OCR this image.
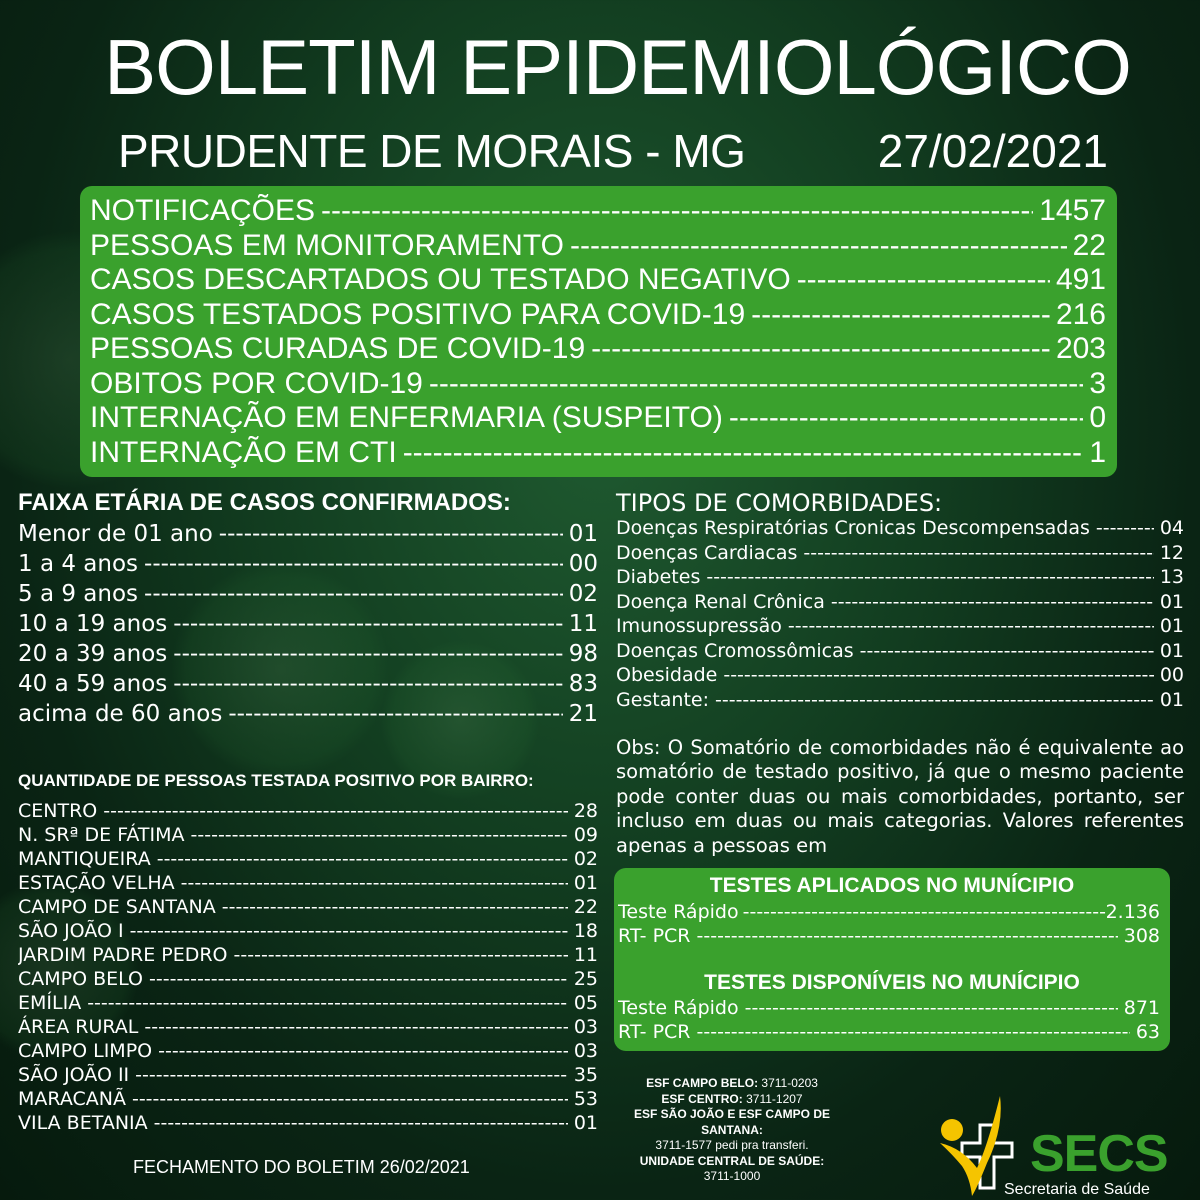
BOLETIM EPIDEMIOLÓGICO
PRUDENTE DE MORAIS - MG	27/02/2021
NOTIFICAÇÕES -----	1457
PESSOAS EM MONITORAMENTO -----	22
CASOS DESCARTADOS OU TESTADO NEGATIVO -----	491
CASOS TESTADOS POSITIVO PARA COVID-19 -----	216
PESSOAS CURADAS DE COVID-19 -----	203
OBITOS POR COVID-19 -----	3
INTERNAÇÃO EM ENFERMARIA (SUSPEITO) -----	0
INTERNAÇÃO EM CTI -----	1
FAIXA ETÁRIA DE CASOS CONFIRMADOS:
Menor de 01 ano -----	01
1 a 4 anos -----	00
5 a 9 anos -----	02
10 a 19 anos -----	11
20 a 39 anos -----	98
40 a 59 anos -----	83
acima de 60 anos -----	21
TIPOS DE COMORBIDADES:
Doenças Respiratórias Cronicas Descompensadas -----	04
Doenças Cardiacas -----	12
Diabetes -----	13
Doença Renal Crônica -----	01
Imunossupressão -----	01
Doenças Cromossômicas -----	01
Obesidade -----	00
Gestante: -----	01
Obs: O Somatório de comorbidades não é equivalente ao somatório de testado positivo, já que o mesmo paciente pode conter duas ou mais comorbidades, portanto, ser incluso em duas ou mais categorias. Valores referentes apenas a pessoas em
QUANTIDADE DE PESSOAS TESTADA POSITIVO POR BAIRRO:
CENTRO -----	28
N. SRª DE FÁTIMA -----	09
MANTIQUEIRA -----	02
ESTAÇÃO VELHA -----	01
CAMPO DE SANTANA -----	22
SÃO JOÃO I -----	18
JARDIM PADRE PEDRO -----	11
CAMPO BELO -----	25
EMÍLIA -----	05
ÁREA RURAL -----	03
CAMPO LIMPO -----	03
SÃO JOÃO II -----	35
MARACANÃ -----	53
VILA BETANIA -----	01
TESTES APLICADOS NO MUNÍCIPIO
Teste Rápido -----	2.136
RT- PCR -----	308
TESTES DISPONÍVEIS NO MUNÍCIPIO
Teste Rápido -----	871
RT- PCR -----	63
ESF CAMPO BELO: 3711-0203
ESF CENTRO: 3711-1207
ESF SÃO JOÃO E ESF CAMPO DE SANTANA:
3711-1577 pedi pra transferi.
UNIDADE CENTRAL DE SAÚDE:
3711-1000
FECHAMENTO DO BOLETIM 26/02/2021	SECS
Secretaria de Saúde
